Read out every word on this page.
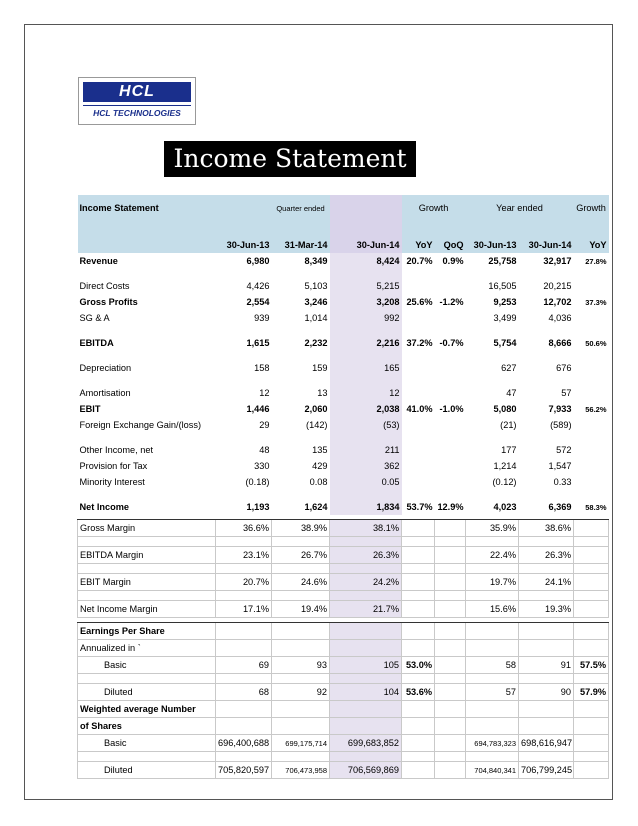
HCL
HCL TECHNOLOGIES
Income Statement
Income Statement		Quarter ended		Growth		Year ended		Growth

	30-Jun-13	31-Mar-14	30-Jun-14	YoY	QoQ	30-Jun-13	30-Jun-14	YoY
Revenue	6,980	8,349	8,424	20.7%	0.9%	25,758	32,917	27.8%

Direct Costs	4,426	5,103	5,215			16,505	20,215	
Gross Profits	2,554	3,246	3,208	25.6%	-1.2%	9,253	12,702	37.3%
SG & A	939	1,014	992			3,499	4,036	

EBITDA	1,615	2,232	2,216	37.2%	-0.7%	5,754	8,666	50.6%

Depreciation	158	159	165			627	676	

Amortisation	12	13	12			47	57	
EBIT	1,446	2,060	2,038	41.0%	-1.0%	5,080	7,933	56.2%
Foreign Exchange Gain/(loss)	29	(142)	(53)			(21)	(589)	

Other Income, net	48	135	211			177	572	
Provision for Tax	330	429	362			1,214	1,547	
Minority Interest	(0.18)	0.08	0.05			(0.12)	0.33	

Net Income	1,193	1,624	1,834	53.7%	12.9%	4,023	6,369	58.3%

Gross Margin	36.6%	38.9%	38.1%			35.9%	38.6%	

EBITDA Margin	23.1%	26.7%	26.3%			22.4%	26.3%	

EBIT Margin	20.7%	24.6%	24.2%			19.7%	24.1%	

Net Income Margin	17.1%	19.4%	21.7%			15.6%	19.3%	

Earnings Per Share								
Annualized in `								
Basic	69	93	105	53.0%		58	91	57.5%

Diluted	68	92	104	53.6%		57	90	57.9%
Weighted average Number								
of Shares								
Basic	696,400,688	699,175,714	699,683,852			694,783,323	698,616,947	

Diluted	705,820,597	706,473,958	706,569,869			704,840,341	706,799,245	
